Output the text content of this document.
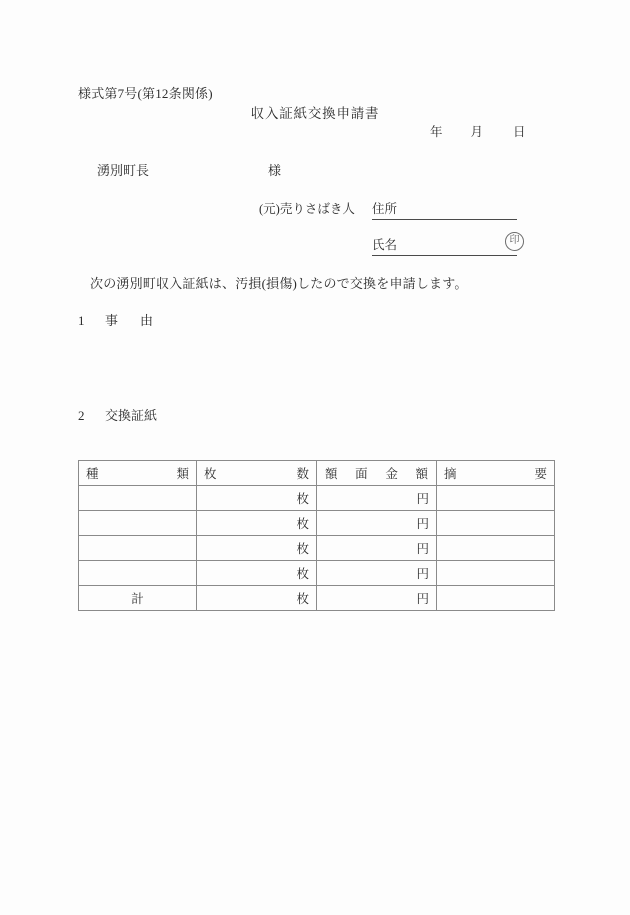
様式第7号(第12条関係)
収入証紙交換申請書
年 月 日
湧別町長	様
(元)売りさばき人 住所
氏名	印
次の湧別町収入証紙は、汚損(損傷)したので交換を申請します。
1 事 由
2 交換証紙
種 類	枚 数	額 面 金 額	摘 要

	枚	円	
	枚	円	
	枚	円	
	枚	円	
計	枚	円	
